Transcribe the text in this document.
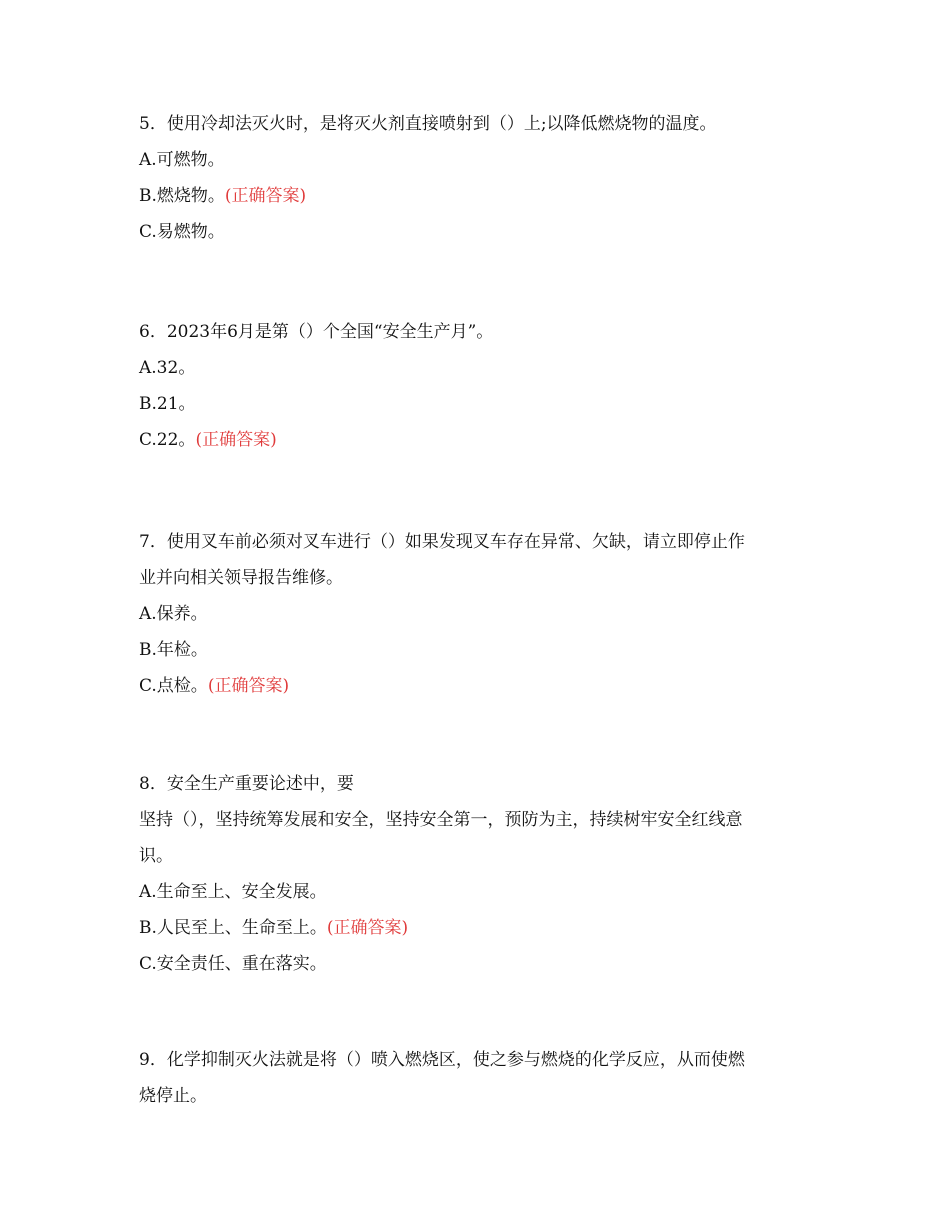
5．使用冷却法灭火时，是将灭火剂直接喷射到（）上;以降低燃烧物的温度。

A.可燃物。

B.燃烧物。(正确答案)

C.易燃物。

6．2023年6月是第（）个全国“安全生产月”。

A.32。

B.21。

C.22。(正确答案)

7．使用叉车前必须对叉车进行（）如果发现叉车存在异常、欠缺，请立即停止作

业并向相关领导报告维修。

A.保养。

B.年检。

C.点检。(正确答案)

8．安全生产重要论述中，要

坚持（），坚持统筹发展和安全，坚持安全第一，预防为主，持续树牢安全红线意

识。

A.生命至上、安全发展。

B.人民至上、生命至上。(正确答案)

C.安全责任、重在落实。

9．化学抑制灭火法就是将（）喷入燃烧区，使之参与燃烧的化学反应，从而使燃

烧停止。
